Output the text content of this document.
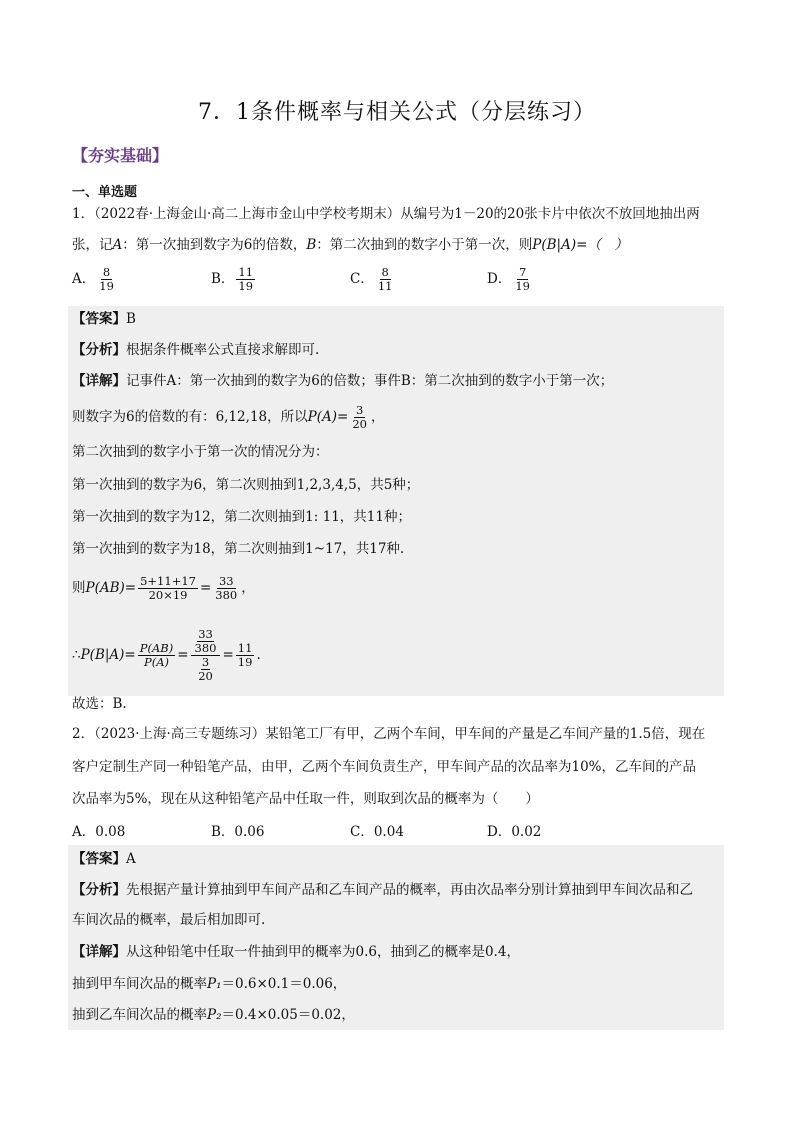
7．1条件概率与相关公式（分层练习）
【夯实基础】
一、单选题
1．（2022春·上海金山·高二上海市金山中学校考期末）从编号为1－20的20张卡片中依次不放回地抽出两
张，记A：第一次抽到数字为6的倍数，B：第二次抽到的数字小于第一次，则P(B|A)=（　）
A． $\frac{8}{19}$	B． $\frac{11}{19}$	C． $\frac{8}{11}$	D． $\frac{7}{19}$
【答案】B
【分析】根据条件概率公式直接求解即可.
【详解】记事件A：第一次抽到的数字为6的倍数；事件B：第二次抽到的数字小于第一次；
则数字为6的倍数的有：6,12,18，所以$P(A)= \frac{3}{20}$ ，
第二次抽到的数字小于第一次的情况分为：
第一次抽到的数字为6，第二次则抽到1,2,3,4,5，共5种；
第一次抽到的数字为12，第二次则抽到1: 11，共11种；
第一次抽到的数字为18，第二次则抽到1~17，共17种.
则$P(AB)= \frac{5+11+17}{20\times 19} = \frac{33}{380}$ ，
∴P(B|A)= $\frac{P(AB)}{P(A)} = \frac{\frac{33}{380}}{\frac{3}{20}} = \frac{11}{19}$ .
故选：B.
2．（2023·上海·高三专题练习）某铅笔工厂有甲，乙两个车间，甲车间的产量是乙车间产量的1.5倍，现在
客户定制生产同一种铅笔产品，由甲，乙两个车间负责生产，甲车间产品的次品率为10%，乙车间的产品
次品率为5%，现在从这种铅笔产品中任取一件，则取到次品的概率为（　　）
A．0.08	B．0.06	C．0.04	D．0.02
【答案】A
【分析】先根据产量计算抽到甲车间产品和乙车间产品的概率，再由次品率分别计算抽到甲车间次品和乙
车间次品的概率，最后相加即可.
【详解】从这种铅笔中任取一件抽到甲的概率为0.6，抽到乙的概率是0.4，
抽到甲车间次品的概率P₁＝0.6×0.1＝0.06，
抽到乙车间次品的概率P₂＝0.4×0.05＝0.02，
